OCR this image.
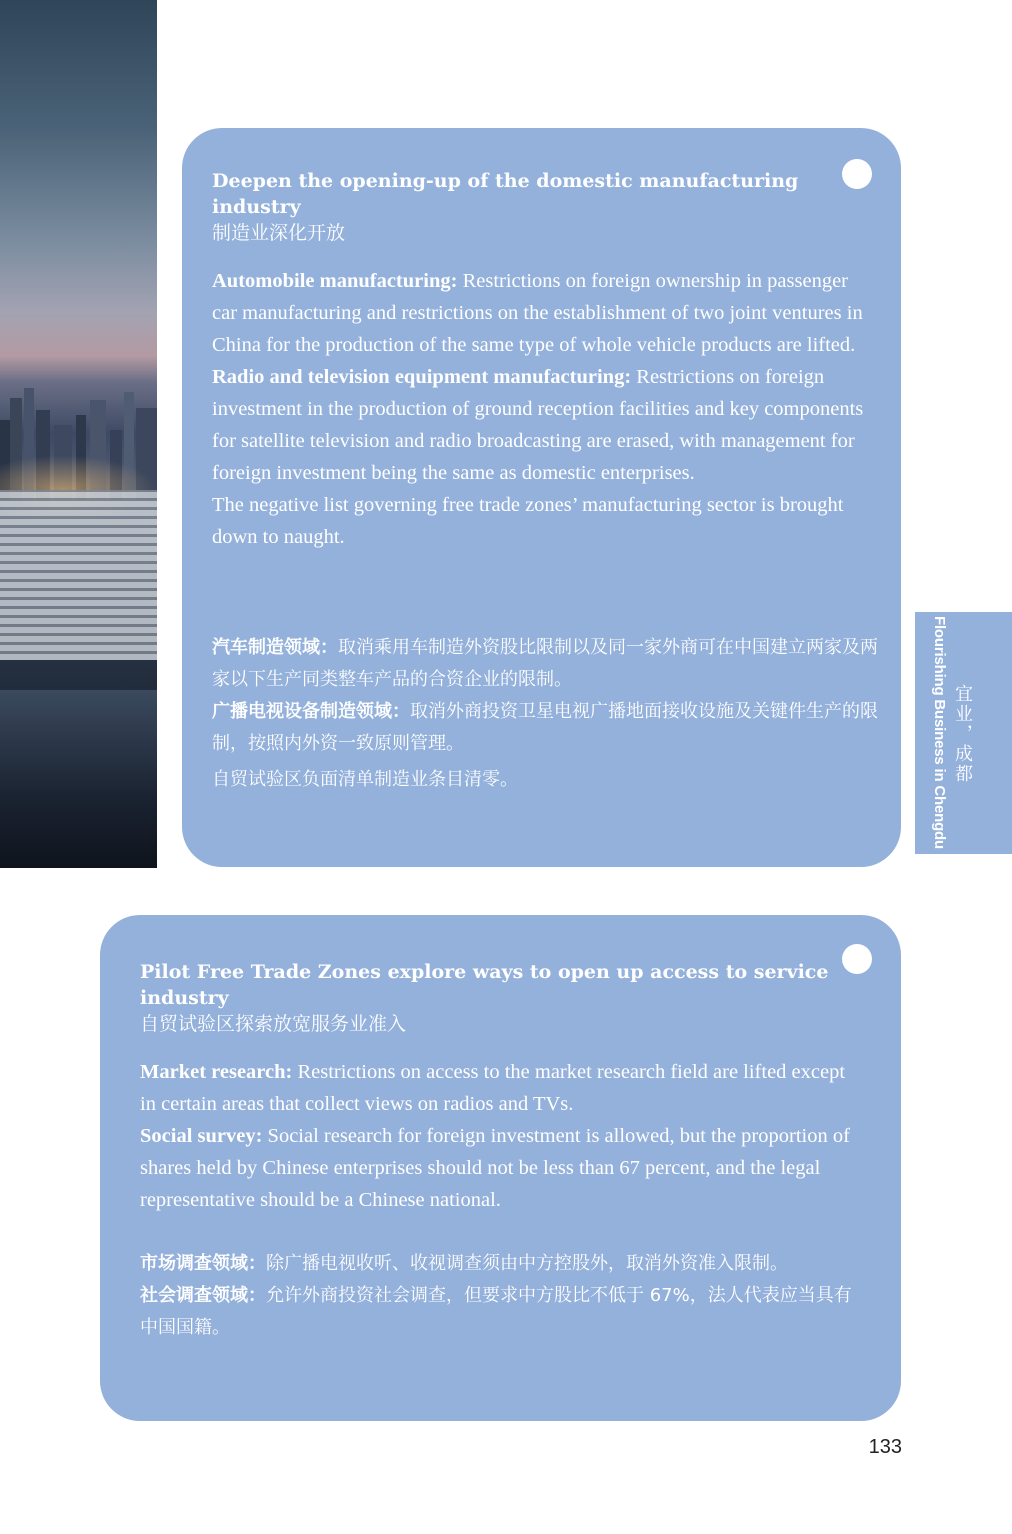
Deepen the opening-up of the domestic manufacturing industry
制造业深化开放

Automobile manufacturing: Restrictions on foreign ownership in passenger car manufacturing and restrictions on the establishment of two joint ventures in China for the production of the same type of whole vehicle products are lifted.

Radio and television equipment manufacturing: Restrictions on foreign investment in the production of ground reception facilities and key components for satellite television and radio broadcasting are erased, with management for foreign investment being the same as domestic enterprises.

The negative list governing free trade zones’ manufacturing sector is brought down to naught.

汽车制造领域：取消乘用车制造外资股比限制以及同一家外商可在中国建立两家及两家以下生产同类整车产品的合资企业的限制。

广播电视设备制造领域：取消外商投资卫星电视广播地面接收设施及关键件生产的限制，按照内外资一致原则管理。

自贸试验区负面清单制造业条目清零。	Flourishing Business in Chengdu 宜业，成都
Pilot Free Trade Zones explore ways to open up access to service industry
自贸试验区探索放宽服务业准入

Market research: Restrictions on access to the market research field are lifted except in certain areas that collect views on radios and TVs.

Social survey: Social research for foreign investment is allowed, but the proportion of shares held by Chinese enterprises should not be less than 67 percent, and the legal representative should be a Chinese national.

市场调查领域：除广播电视收听、收视调查须由中方控股外，取消外资准入限制。

社会调查领域：允许外商投资社会调查，但要求中方股比不低于 67%，法人代表应当具有中国国籍。

133
